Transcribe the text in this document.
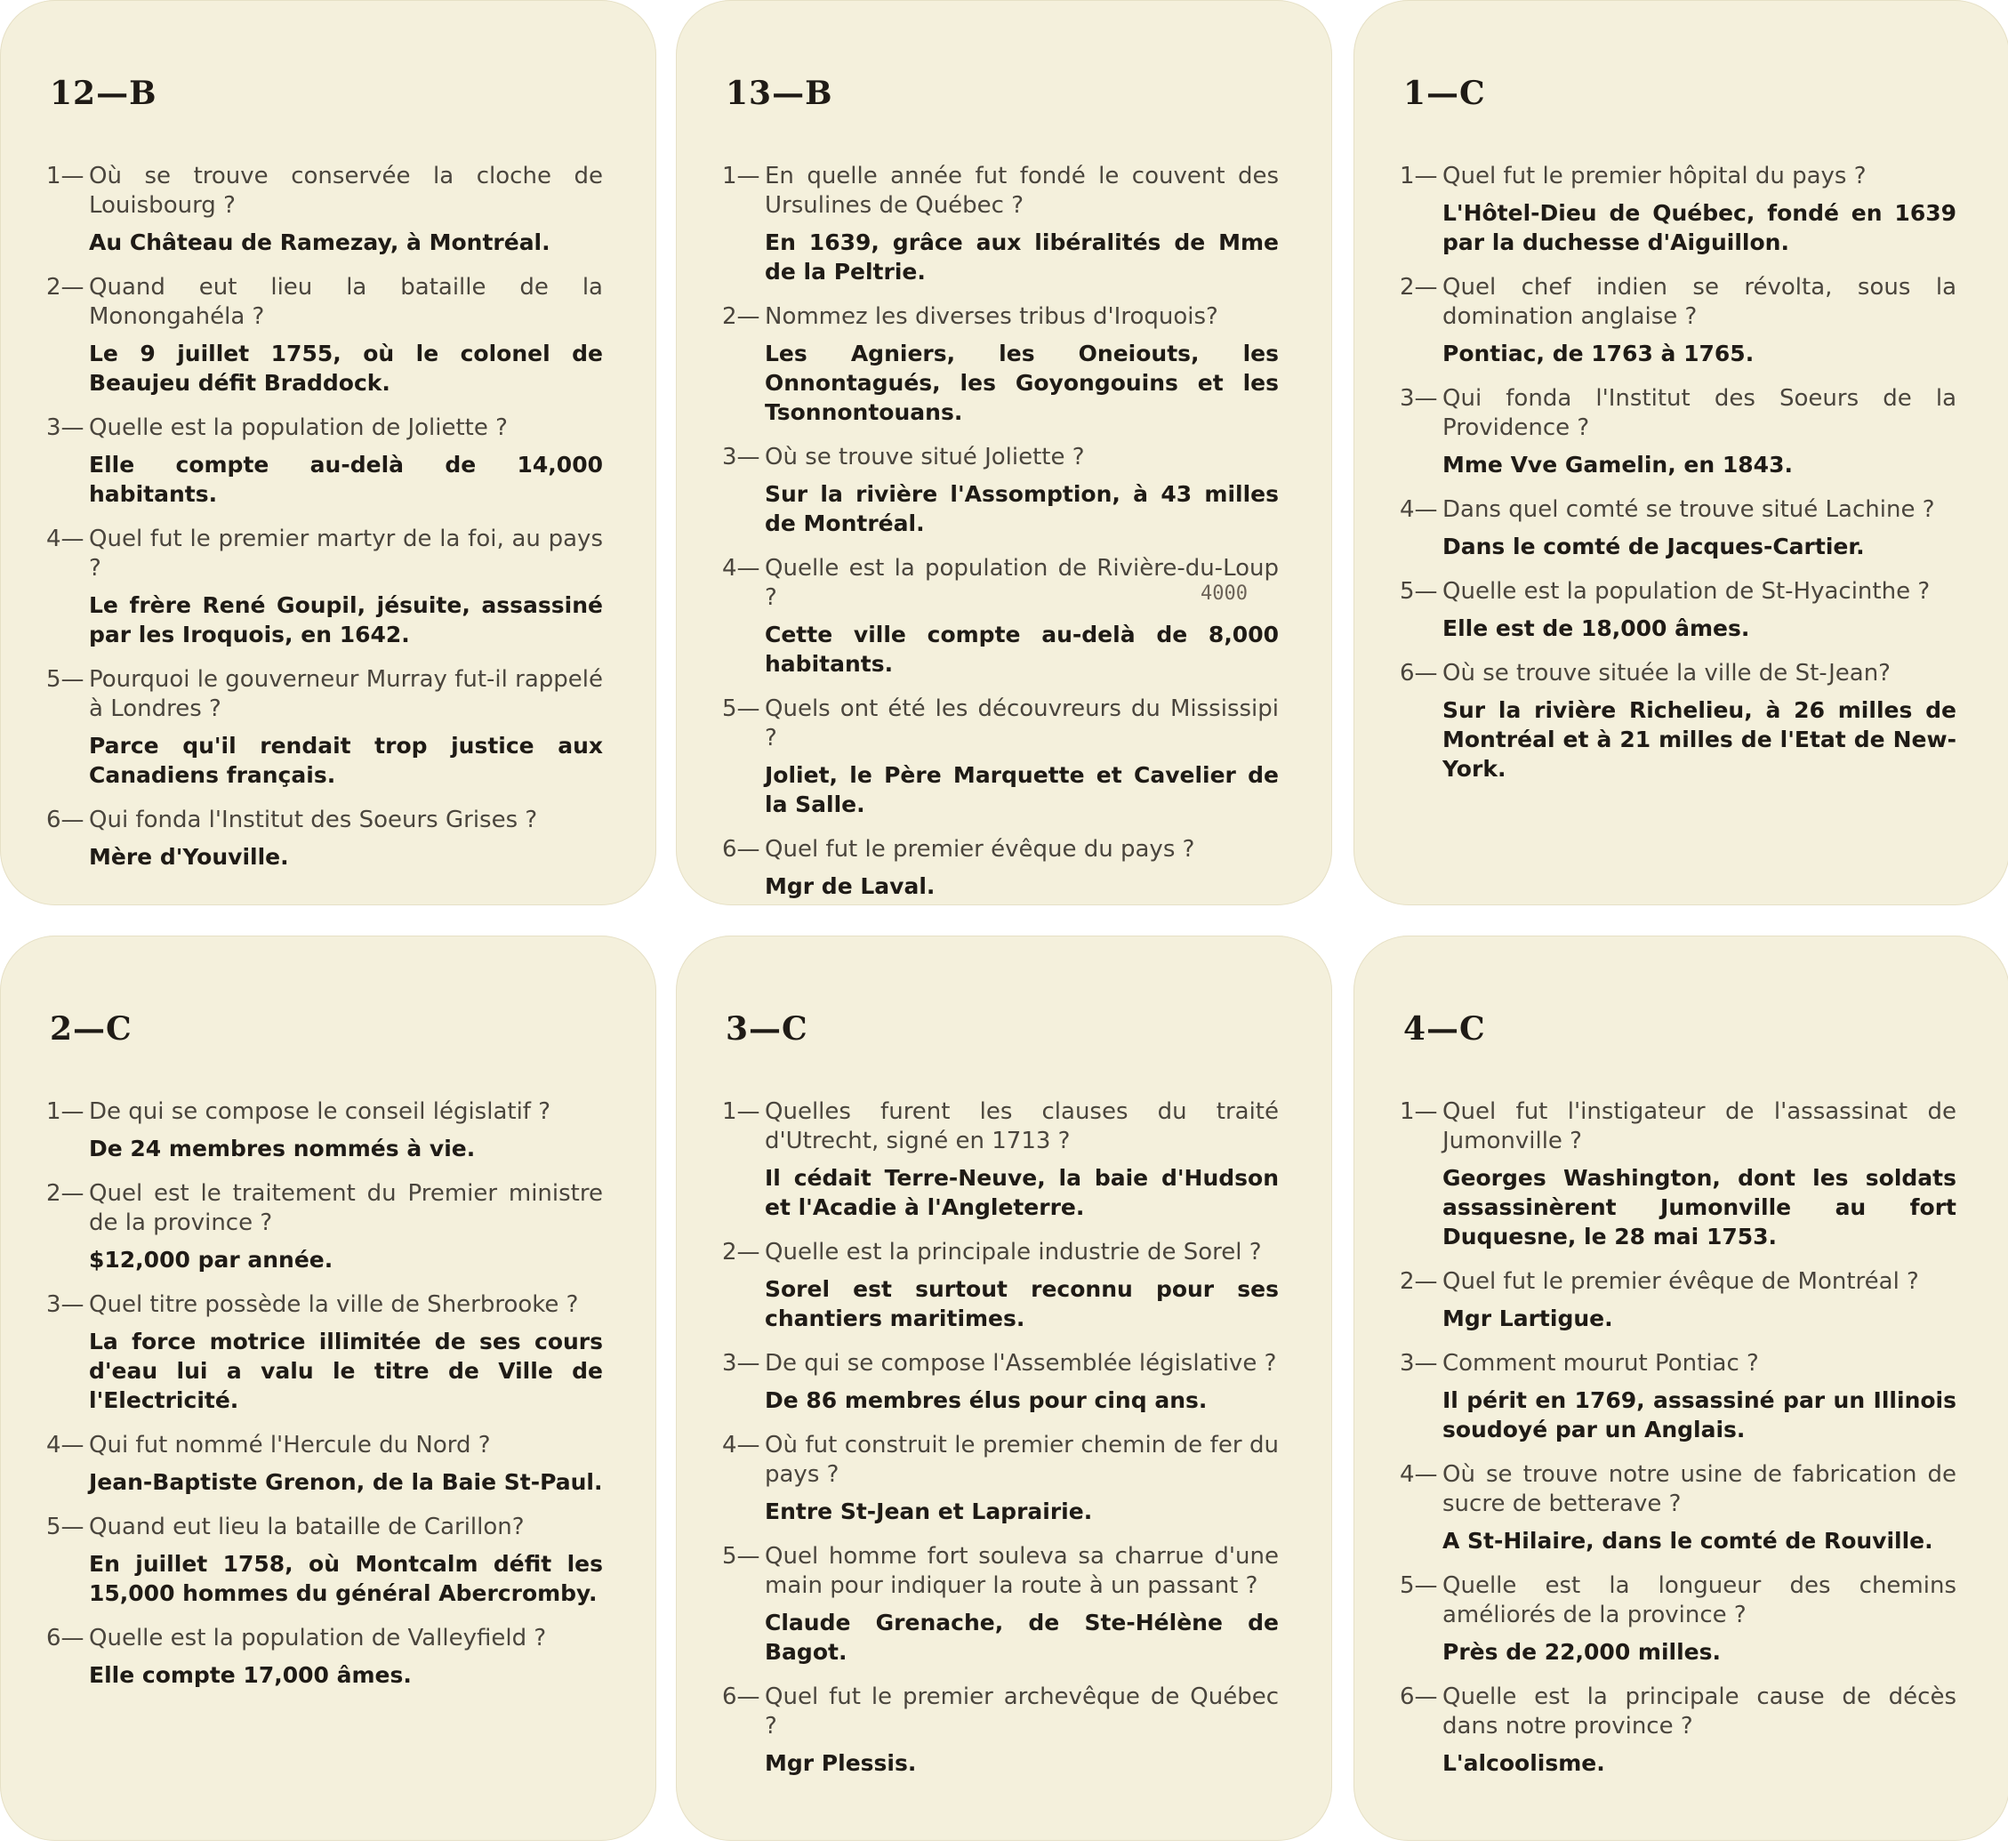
12—B
1— Où se trouve conservée la cloche de Louisbourg ?
Au Château de Ramezay, à Montréal.
2— Quand eut lieu la bataille de la Monongahéla ?
Le 9 juillet 1755, où le colonel de Beaujeu défit Braddock.
3— Quelle est la population de Joliette ?
Elle compte au-delà de 14,000 habitants.
4— Quel fut le premier martyr de la foi, au pays ?
Le frère René Goupil, jésuite, assassiné par les Iroquois, en 1642.
5— Pourquoi le gouverneur Murray fut-il rappelé à Londres ?
Parce qu'il rendait trop justice aux Canadiens français.
6— Qui fonda l'Institut des Soeurs Grises ?
Mère d'Youville.
13—B
1— En quelle année fut fondé le couvent des Ursulines de Québec ?
En 1639, grâce aux libéralités de Mme de la Peltrie.
2— Nommez les diverses tribus d'Iroquois?
Les Agniers, les Oneiouts, les Onnontagués, les Goyongouins et les Tsonnontouans.
3— Où se trouve situé Joliette ?
Sur la rivière l'Assomption, à 43 milles de Montréal.
4— Quelle est la population de Rivière-du-Loup ?
Cette ville compte au-delà de 8,000 habitants.
5— Quels ont été les découvreurs du Mississipi ?
Joliet, le Père Marquette et Cavelier de la Salle.
6— Quel fut le premier évêque du pays ?
Mgr de Laval.
4000
1—C
1— Quel fut le premier hôpital du pays ?
L'Hôtel-Dieu de Québec, fondé en 1639 par la duchesse d'Aiguillon.
2— Quel chef indien se révolta, sous la domination anglaise ?
Pontiac, de 1763 à 1765.
3— Qui fonda l'Institut des Soeurs de la Providence ?
Mme Vve Gamelin, en 1843.
4— Dans quel comté se trouve situé Lachine ?
Dans le comté de Jacques-Cartier.
5— Quelle est la population de St-Hyacinthe ?
Elle est de 18,000 âmes.
6— Où se trouve située la ville de St-Jean?
Sur la rivière Richelieu, à 26 milles de Montréal et à 21 milles de l'Etat de New-York.
2—C
1— De qui se compose le conseil législatif ?
De 24 membres nommés à vie.
2— Quel est le traitement du Premier ministre de la province ?
$12,000 par année.
3— Quel titre possède la ville de Sherbrooke ?
La force motrice illimitée de ses cours d'eau lui a valu le titre de Ville de l'Electricité.
4— Qui fut nommé l'Hercule du Nord ?
Jean-Baptiste Grenon, de la Baie St-Paul.
5— Quand eut lieu la bataille de Carillon?
En juillet 1758, où Montcalm défit les 15,000 hommes du général Abercromby.
6— Quelle est la population de Valleyfield ?
Elle compte 17,000 âmes.
3—C
1— Quelles furent les clauses du traité d'Utrecht, signé en 1713 ?
Il cédait Terre-Neuve, la baie d'Hudson et l'Acadie à l'Angleterre.
2— Quelle est la principale industrie de Sorel ?
Sorel est surtout reconnu pour ses chantiers maritimes.
3— De qui se compose l'Assemblée législative ?
De 86 membres élus pour cinq ans.
4— Où fut construit le premier chemin de fer du pays ?
Entre St-Jean et Laprairie.
5— Quel homme fort souleva sa charrue d'une main pour indiquer la route à un passant ?
Claude Grenache, de Ste-Hélène de Bagot.
6— Quel fut le premier archevêque de Québec ?
Mgr Plessis.
4—C
1— Quel fut l'instigateur de l'assassinat de Jumonville ?
Georges Washington, dont les soldats assassinèrent Jumonville au fort Duquesne, le 28 mai 1753.
2— Quel fut le premier évêque de Montréal ?
Mgr Lartigue.
3— Comment mourut Pontiac ?
Il périt en 1769, assassiné par un Illinois soudoyé par un Anglais.
4— Où se trouve notre usine de fabrication de sucre de betterave ?
A St-Hilaire, dans le comté de Rouville.
5— Quelle est la longueur des chemins améliorés de la province ?
Près de 22,000 milles.
6— Quelle est la principale cause de décès dans notre province ?
L'alcoolisme.
